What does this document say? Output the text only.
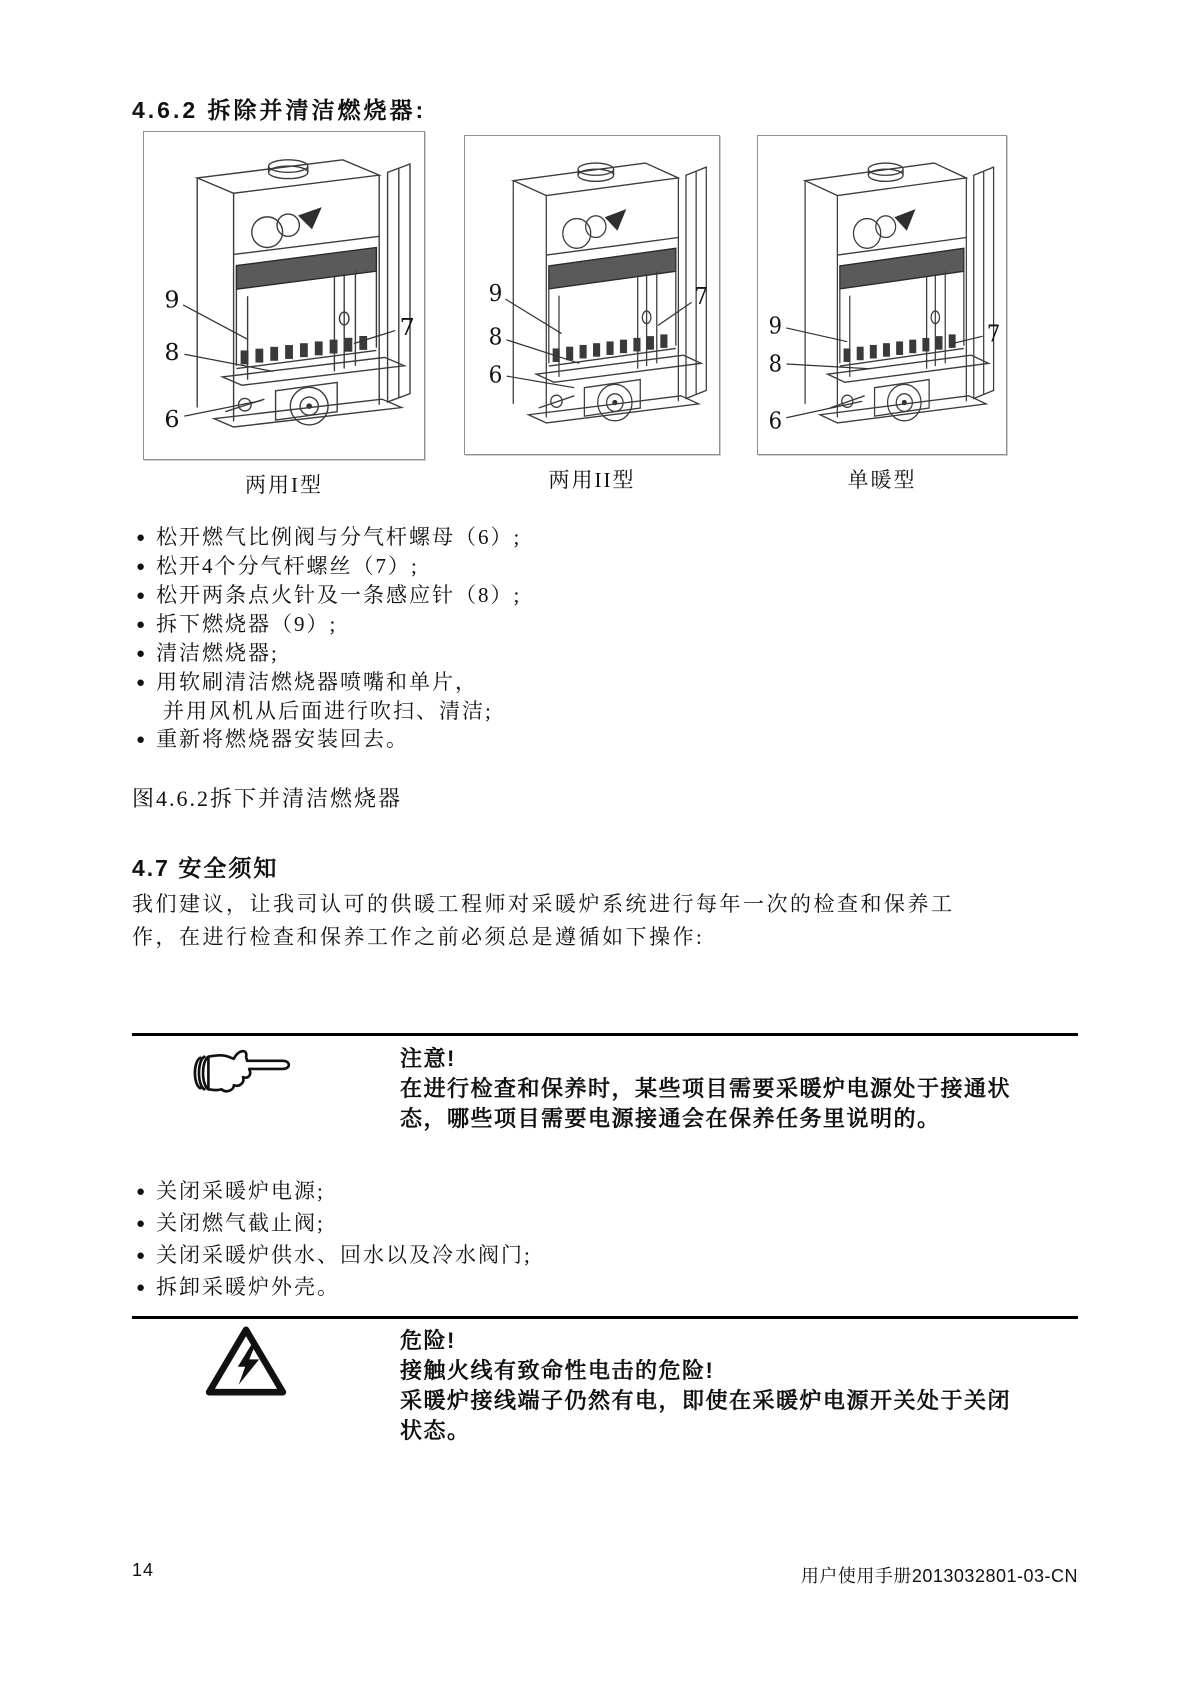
4.6.2 拆除并清洁燃烧器:
9
7
8
6
两用I型
9	7
8
6
两用II型
9	7
8
6
单暖型
● 松开燃气比例阀与分气杆螺母（6）;
● 松开4个分气杆螺丝（7）;
● 松开两条点火针及一条感应针（8）;
● 拆下燃烧器（9）;
● 清洁燃烧器;
● 用软刷清洁燃烧器喷嘴和单片，
并用风机从后面进行吹扫、清洁;
● 重新将燃烧器安装回去。
图4.6.2拆下并清洁燃烧器
4.7 安全须知
我们建议，让我司认可的供暖工程师对采暖炉系统进行每年一次的检查和保养工
作，在进行检查和保养工作之前必须总是遵循如下操作:
注意!
在进行检查和保养时，某些项目需要采暖炉电源处于接通状
态，哪些项目需要电源接通会在保养任务里说明的。
● 关闭采暖炉电源;
● 关闭燃气截止阀;
● 关闭采暖炉供水、回水以及冷水阀门;
● 拆卸采暖炉外壳。
危险!
接触火线有致命性电击的危险!
采暖炉接线端子仍然有电，即使在采暖炉电源开关处于关闭
状态。
14	用户使用手册2013032801-03-CN
